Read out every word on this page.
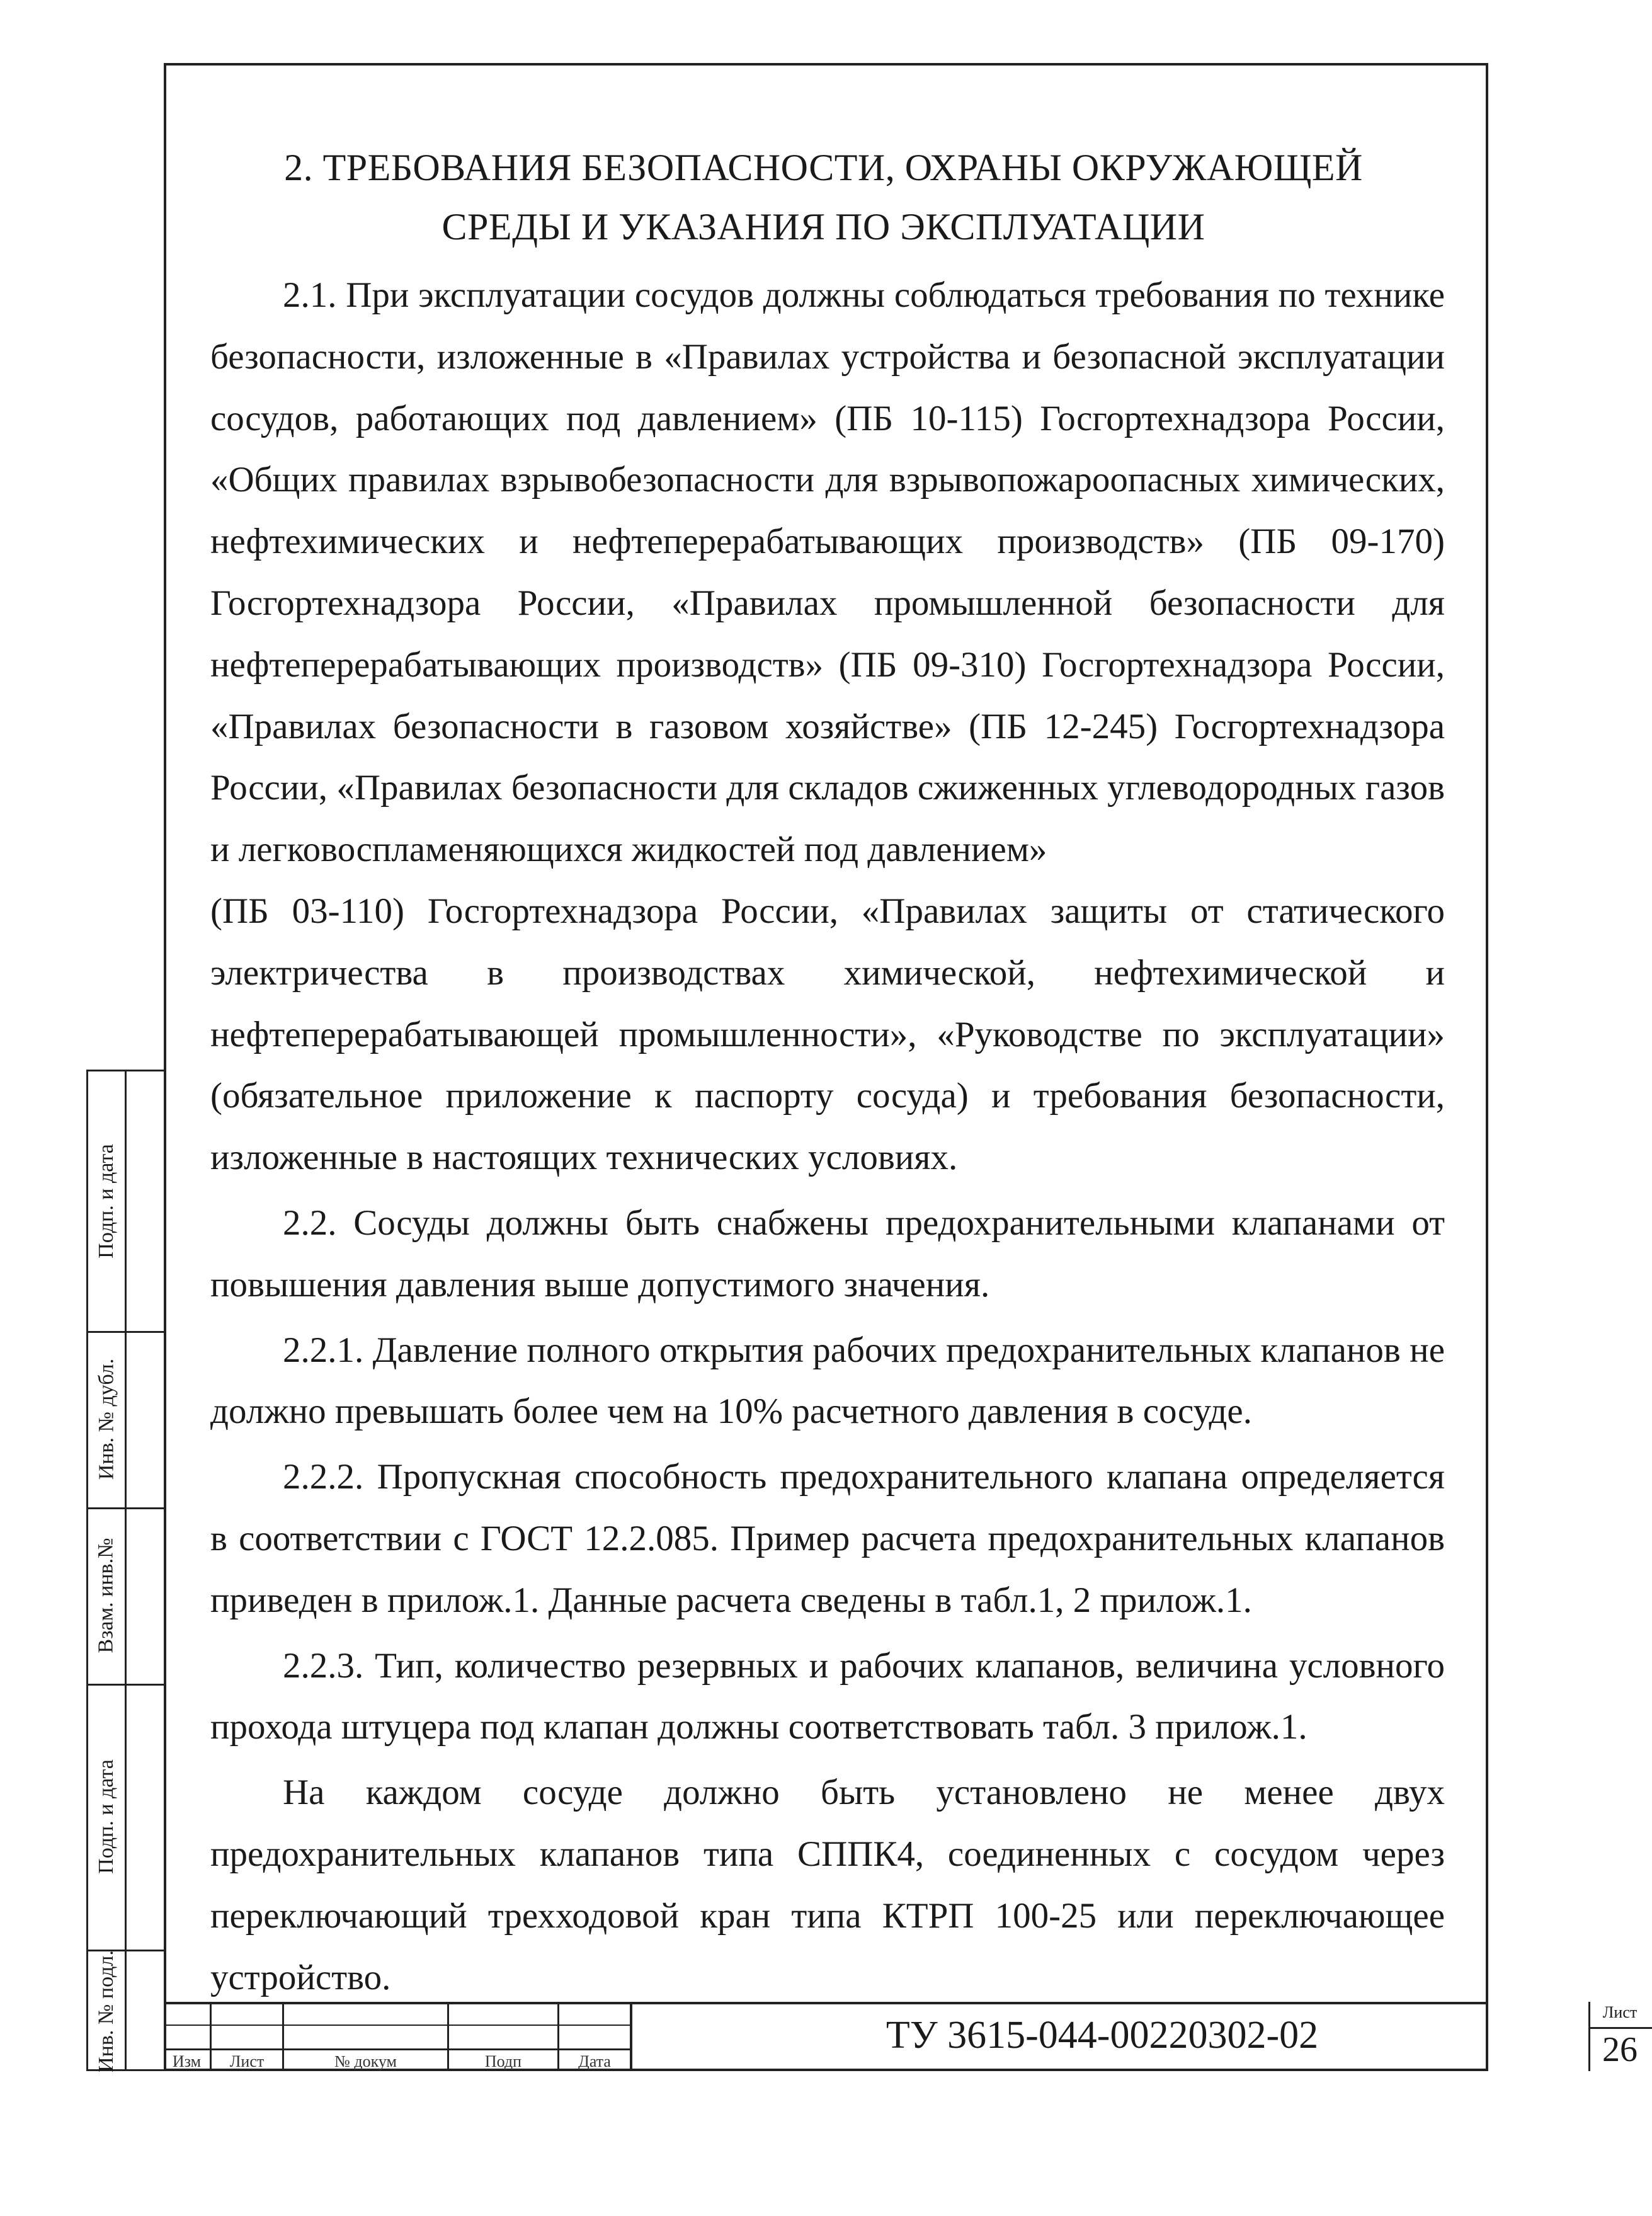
2. ТРЕБОВАНИЯ БЕЗОПАСНОСТИ, ОХРАНЫ ОКРУЖАЮЩЕЙ
СРЕДЫ И УКАЗАНИЯ ПО ЭКСПЛУАТАЦИИ

2.1. При эксплуатации сосудов должны соблюдаться требования по технике безопасности, изложенные в «Правилах устройства и безопасной эксплуатации сосудов, работающих под давлением» (ПБ 10-115) Госгортехнадзора России, «Общих правилах взрывобезопасности для взрывопожароопасных химических, нефтехимических и нефтеперерабатывающих производств» (ПБ 09-170) Госгортехнадзора России, «Правилах промышленной безопасности для нефтеперерабатывающих производств» (ПБ 09-310) Госгортехнадзора России, «Правилах безопасности в газовом хозяйстве» (ПБ 12-245) Госгортехнадзора России, «Правилах безопасности для складов сжиженных углеводородных газов и легковоспламеняющихся жидкостей под давлением»

(ПБ 03-110) Госгортехнадзора России, «Правилах защиты от статического электричества в производствах химической, нефтехимической и нефтеперерабатывающей промышленности», «Руководстве по эксплуатации» (обязательное приложение к паспорту сосуда) и требования безопасности, изложенные в настоящих технических условиях.

2.2. Сосуды должны быть снабжены предохранительными клапанами от повышения давления выше допустимого значения.

2.2.1. Давление полного открытия рабочих предохранительных клапанов не должно превышать более чем на 10% расчетного давления в сосуде.

2.2.2. Пропускная способность предохранительного клапана определяется в соответствии с ГОСТ 12.2.085. Пример расчета предохранительных клапанов приведен в прилож.1. Данные расчета сведены в табл.1, 2 прилож.1.

2.2.3. Тип, количество резервных и рабочих клапанов, величина условного прохода штуцера под клапан должны соответствовать табл. 3 прилож.1.

На каждом сосуде должно быть установлено не менее двух предохранительных клапанов типа СППК4, соединенных с сосудом через переключающий трехходовой кран типа КТРП 100-25 или переключающее устройство.

Подп. и дата
Инв. № дубл.
Взам. инв.№
Подп. и дата
Инв. № подл.	Изм	Лист	№ докум	Подп	Дата
ТУ 3615-044-00220302-02
Лист
26
